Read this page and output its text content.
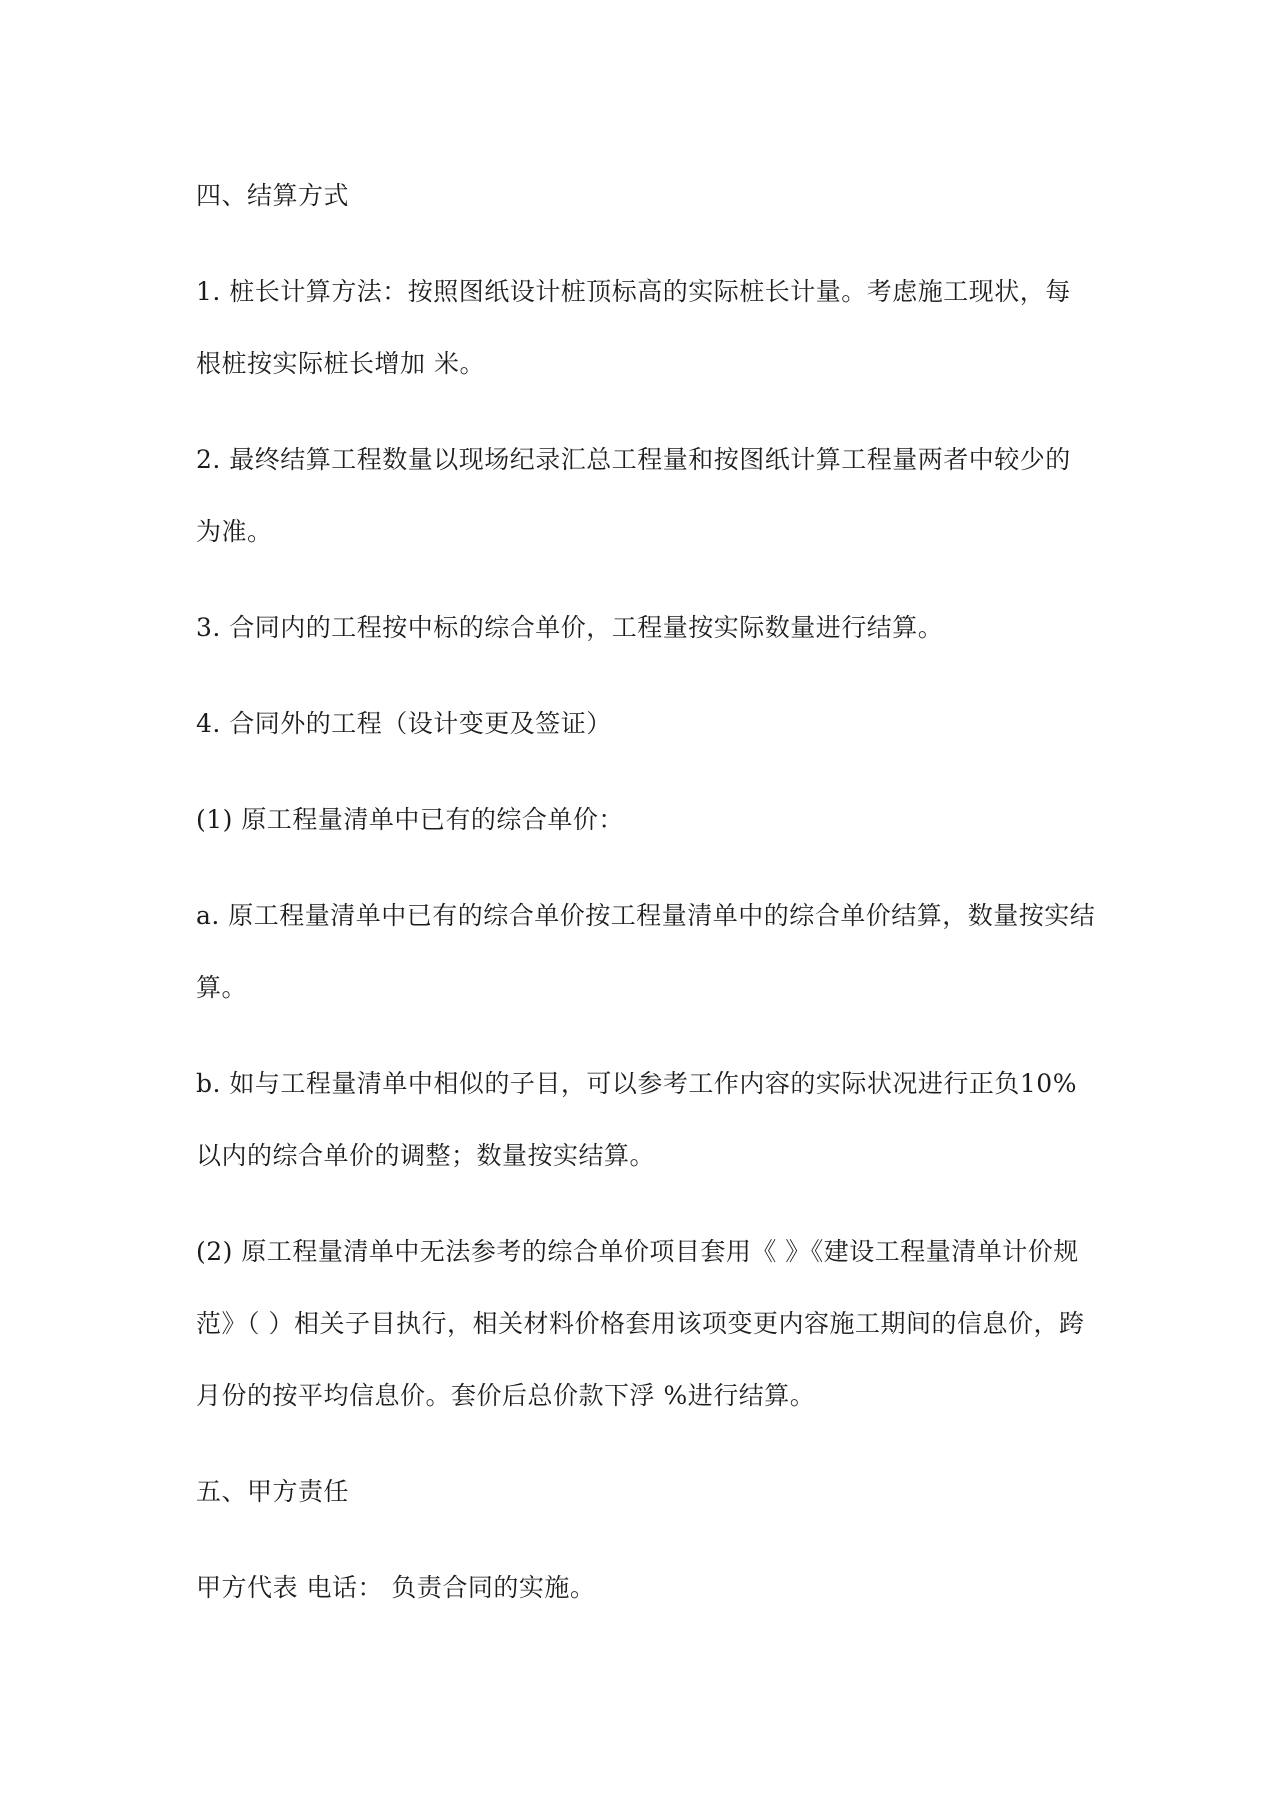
四、结算方式

1. 桩长计算方法：按照图纸设计桩顶标高的实际桩长计量。考虑施工现状，每根桩按实际桩长增加 米。

2. 最终结算工程数量以现场纪录汇总工程量和按图纸计算工程量两者中较少的为准。

3. 合同内的工程按中标的综合单价，工程量按实际数量进行结算。

4. 合同外的工程（设计变更及签证）

(1) 原工程量清单中已有的综合单价：

a. 原工程量清单中已有的综合单价按工程量清单中的综合单价结算，数量按实结算。

b. 如与工程量清单中相似的子目，可以参考工作内容的实际状况进行正负10%以内的综合单价的调整；数量按实结算。

(2) 原工程量清单中无法参考的综合单价项目套用《 》《建设工程量清单计价规范》（ ）相关子目执行，相关材料价格套用该项变更内容施工期间的信息价，跨月份的按平均信息价。套价后总价款下浮 %进行结算。

五、甲方责任

甲方代表 电话： 负责合同的实施。
